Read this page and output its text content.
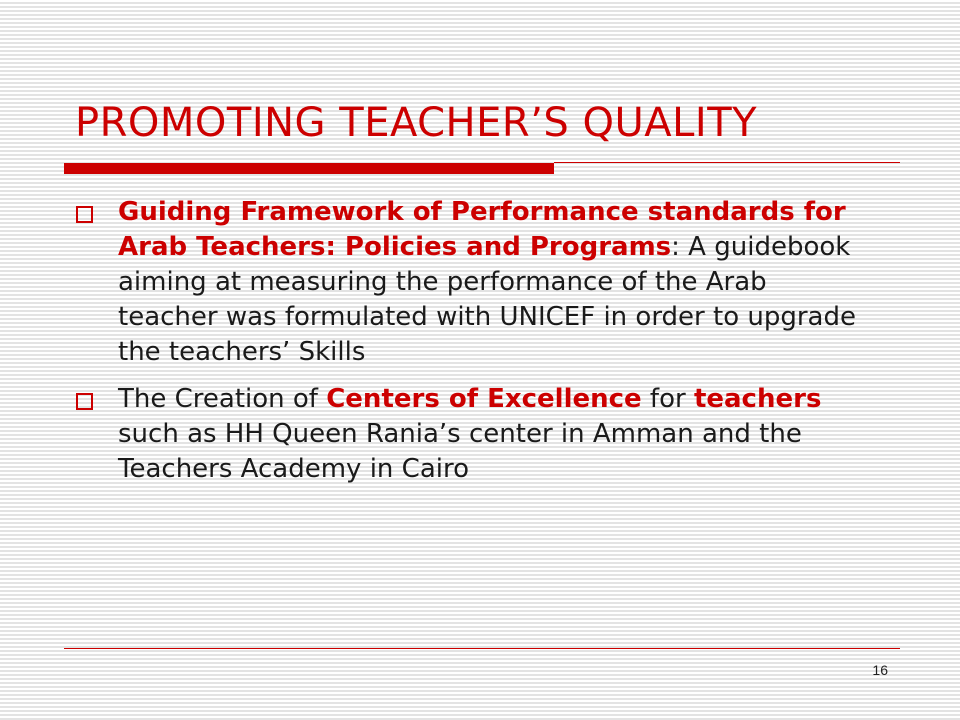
PROMOTING TEACHER’S QUALITY
Guiding Framework of Performance standards for Arab Teachers: Policies and Programs: A guidebook aiming at measuring the performance of the Arab teacher was formulated with UNICEF in order to upgrade the teachers’ Skills
The Creation of Centers of Excellence for teachers such as HH Queen Rania’s center in Amman and the Teachers Academy in Cairo
16
